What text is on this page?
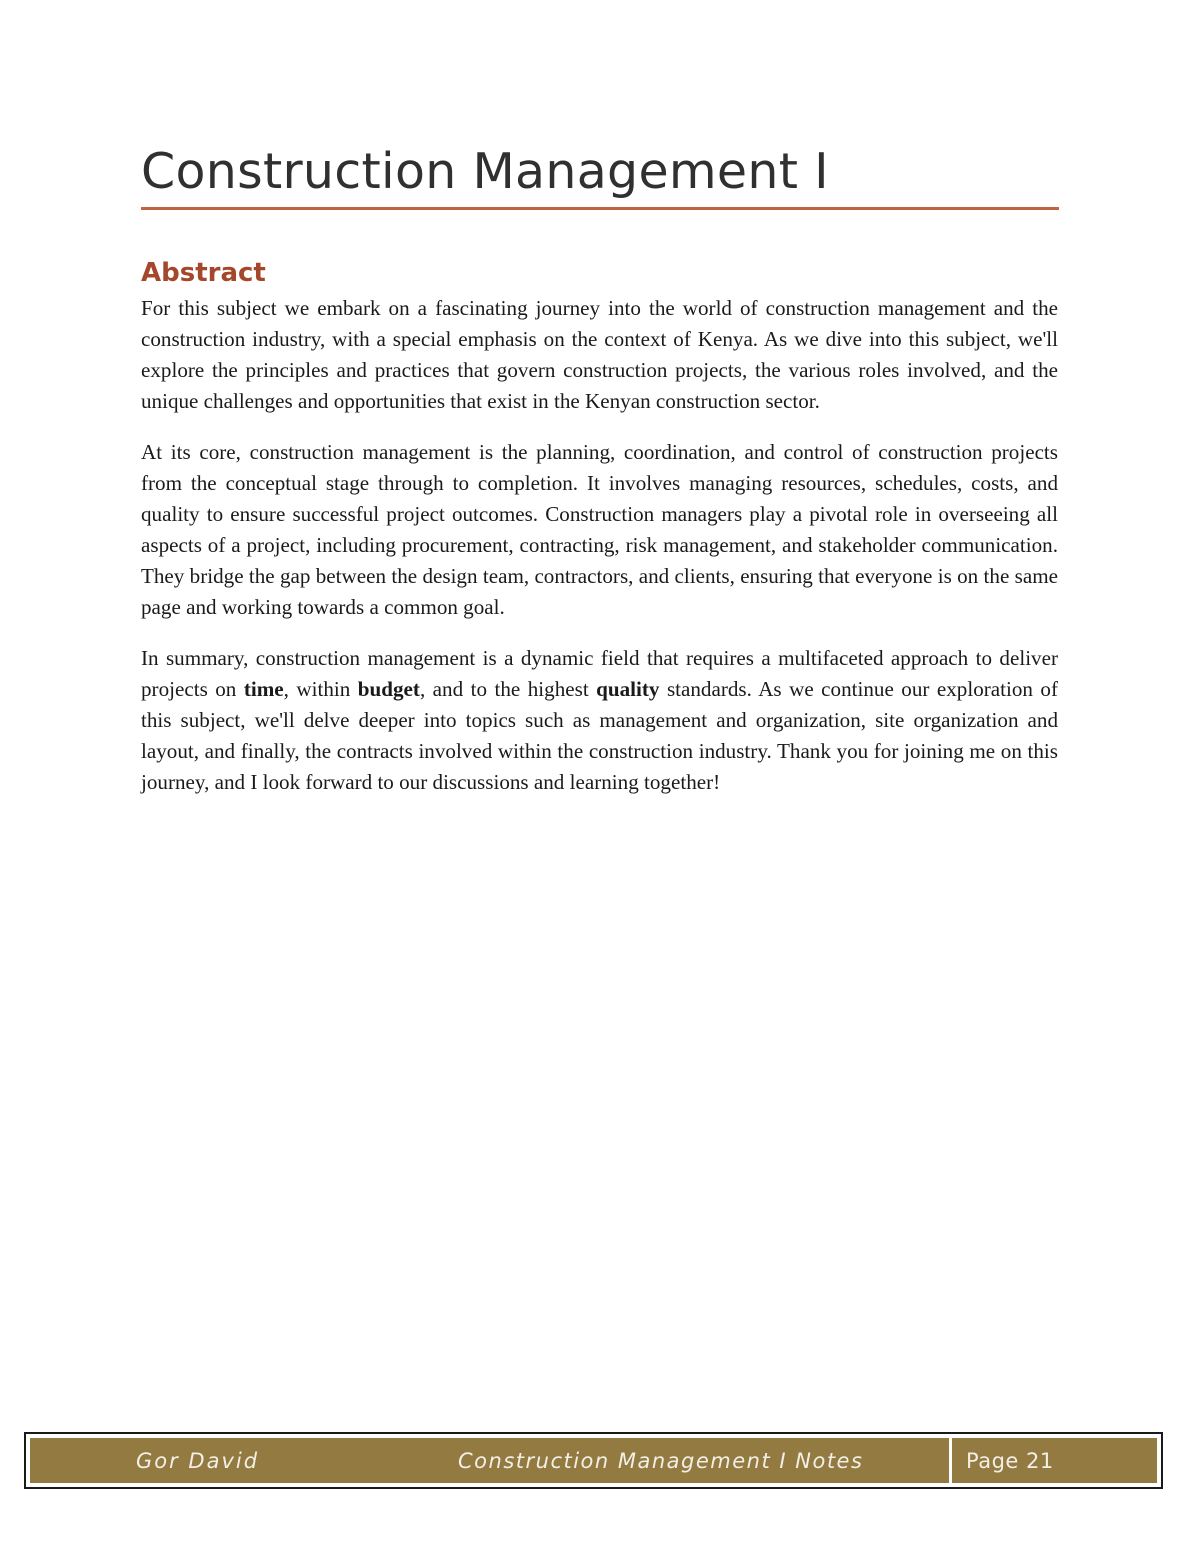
Construction Management I
Abstract

For this subject we embark on a fascinating journey into the world of construction management and the construction industry, with a special emphasis on the context of Kenya. As we dive into this subject, we'll explore the principles and practices that govern construction projects, the various roles involved, and the unique challenges and opportunities that exist in the Kenyan construction sector.

At its core, construction management is the planning, coordination, and control of construction projects from the conceptual stage through to completion. It involves managing resources, schedules, costs, and quality to ensure successful project outcomes. Construction managers play a pivotal role in overseeing all aspects of a project, including procurement, contracting, risk management, and stakeholder communication. They bridge the gap between the design team, contractors, and clients, ensuring that everyone is on the same page and working towards a common goal.

In summary, construction management is a dynamic field that requires a multifaceted approach to deliver projects on time, within budget, and to the highest quality standards. As we continue our exploration of this subject, we'll delve deeper into topics such as management and organization, site organization and layout, and finally, the contracts involved within the construction industry. Thank you for joining me on this journey, and I look forward to our discussions and learning together!

Gor David	Construction Management I Notes	Page 21
